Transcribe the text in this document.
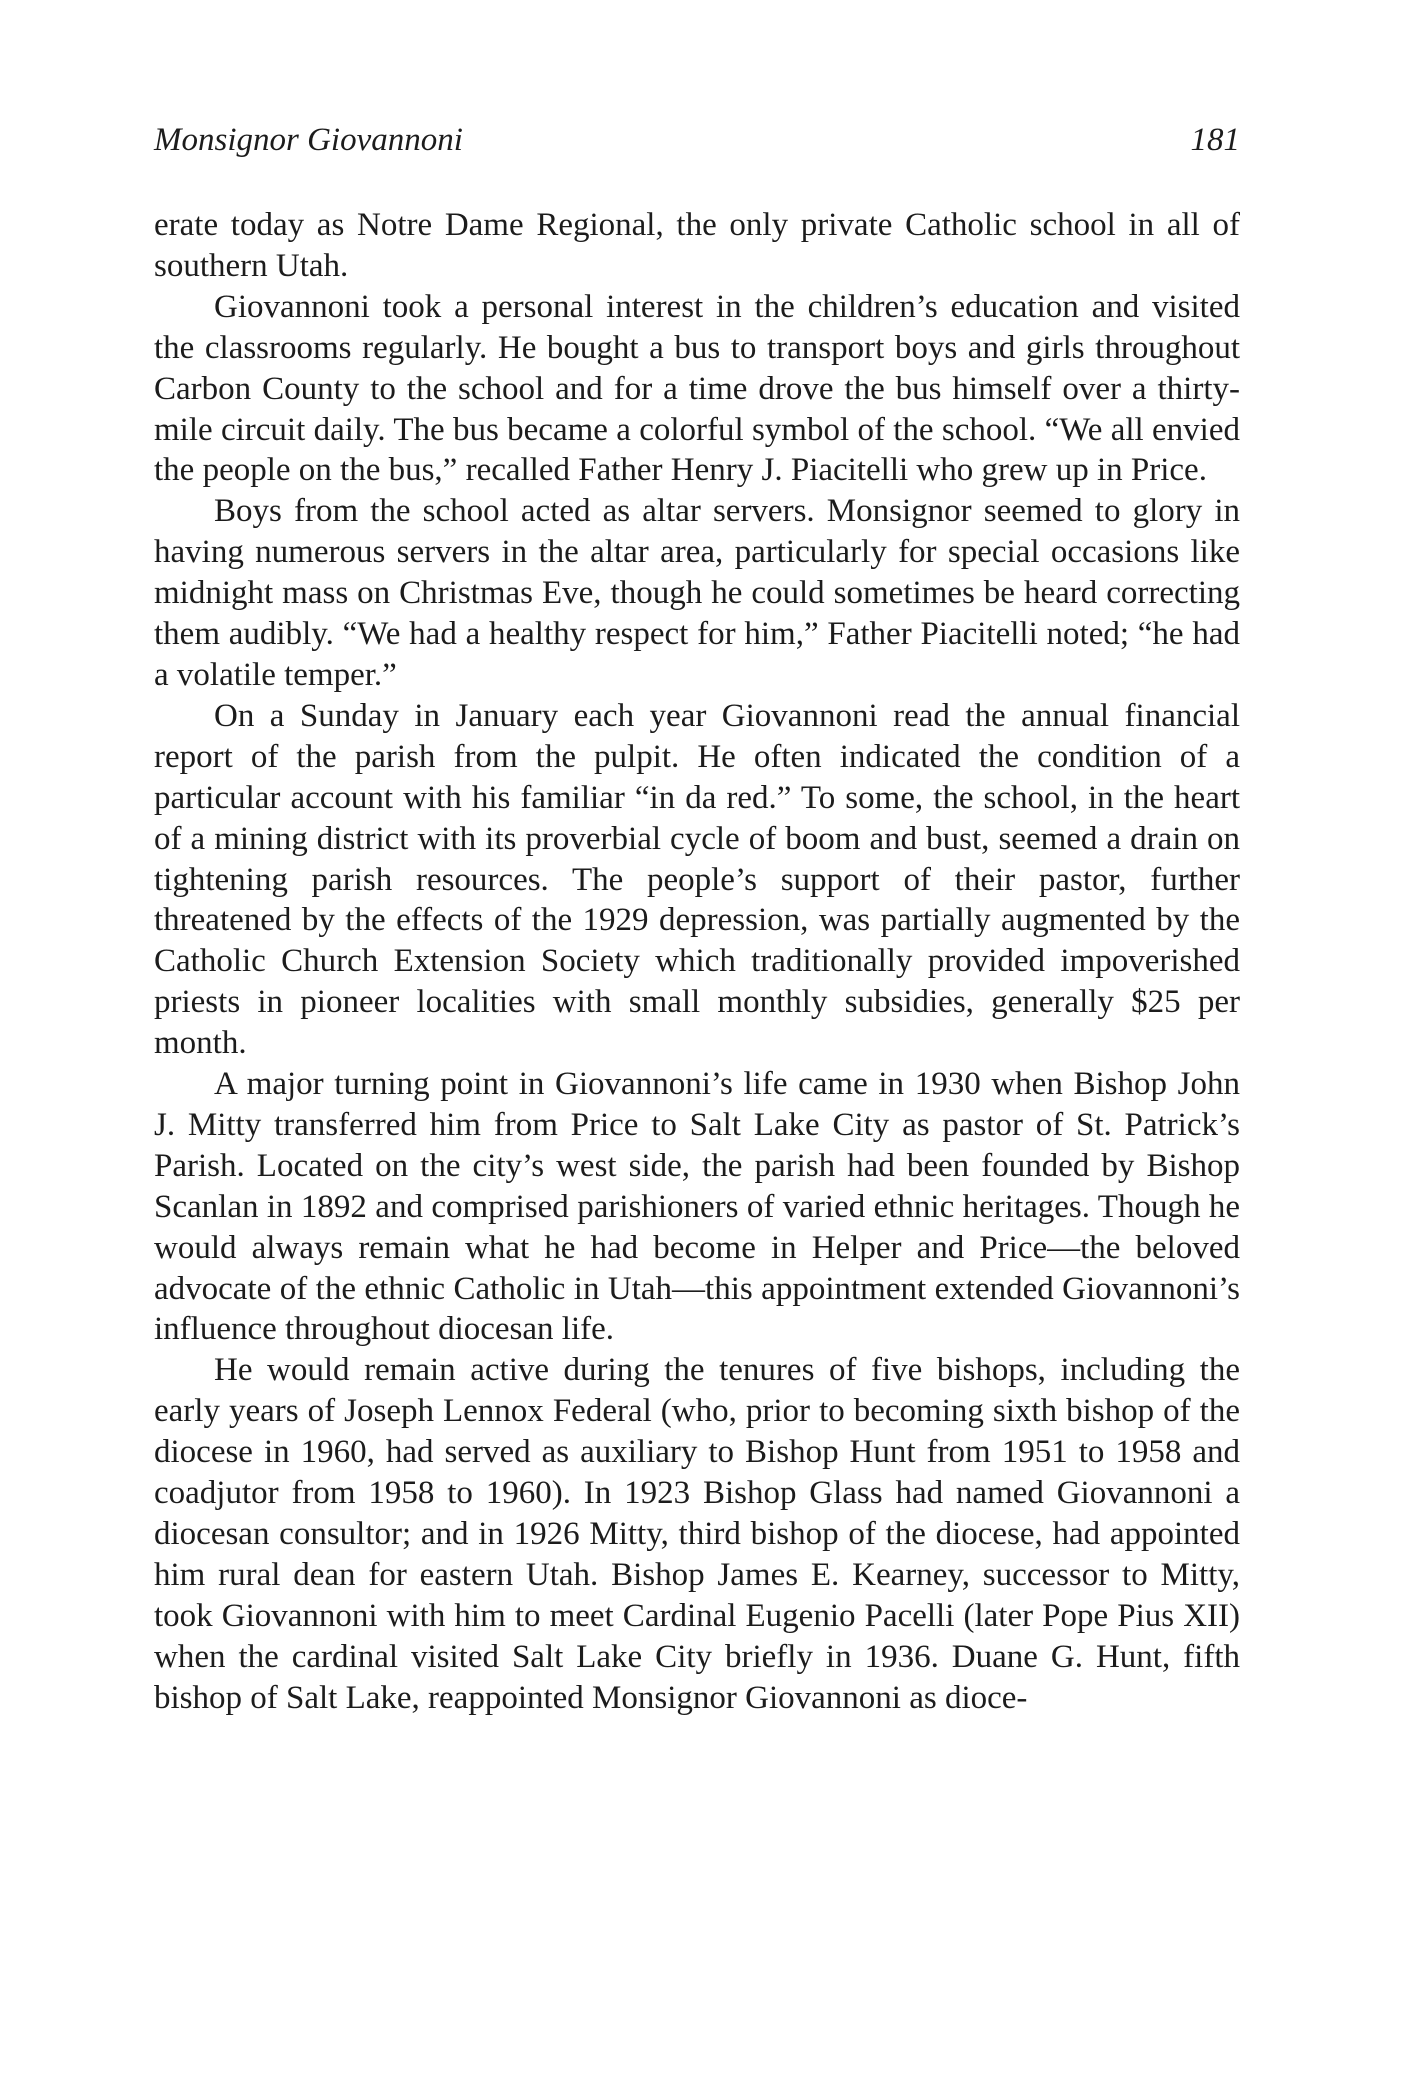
Monsignor Giovannoni	181

erate today as Notre Dame Regional, the only private Catholic school in all of southern Utah.

Giovannoni took a personal interest in the children’s education and visited the classrooms regularly. He bought a bus to transport boys and girls throughout Carbon County to the school and for a time drove the bus himself over a thirty-mile circuit daily. The bus became a colorful symbol of the school. “We all envied the people on the bus,” recalled Father Henry J. Piacitelli who grew up in Price.

Boys from the school acted as altar servers. Monsignor seemed to glory in having numerous servers in the altar area, particularly for special occasions like midnight mass on Christmas Eve, though he could sometimes be heard correcting them audibly. “We had a healthy respect for him,” Father Piacitelli noted; “he had a volatile temper.”

On a Sunday in January each year Giovannoni read the annual financial report of the parish from the pulpit. He often indicated the condition of a particular account with his familiar “in da red.” To some, the school, in the heart of a mining district with its proverbial cycle of boom and bust, seemed a drain on tightening parish resources. The people’s support of their pastor, further threatened by the effects of the 1929 depression, was partially augmented by the Catholic Church Extension Society which traditionally provided impoverished priests in pioneer localities with small monthly subsidies, generally $25 per month.

A major turning point in Giovannoni’s life came in 1930 when Bishop John J. Mitty transferred him from Price to Salt Lake City as pastor of St. Patrick’s Parish. Located on the city’s west side, the parish had been founded by Bishop Scanlan in 1892 and comprised parishioners of varied ethnic heritages. Though he would always remain what he had become in Helper and Price—the beloved advocate of the ethnic Catholic in Utah—this appointment extended Giovannoni’s influence throughout diocesan life.

He would remain active during the tenures of five bishops, including the early years of Joseph Lennox Federal (who, prior to becoming sixth bishop of the diocese in 1960, had served as auxiliary to Bishop Hunt from 1951 to 1958 and coadjutor from 1958 to 1960). In 1923 Bishop Glass had named Giovannoni a diocesan consultor; and in 1926 Mitty, third bishop of the diocese, had appointed him rural dean for eastern Utah. Bishop James E. Kearney, successor to Mitty, took Giovannoni with him to meet Cardinal Eugenio Pacelli (later Pope Pius XII) when the cardinal visited Salt Lake City briefly in 1936. Duane G. Hunt, fifth bishop of Salt Lake, reappointed Monsignor Giovannoni as dioce-
